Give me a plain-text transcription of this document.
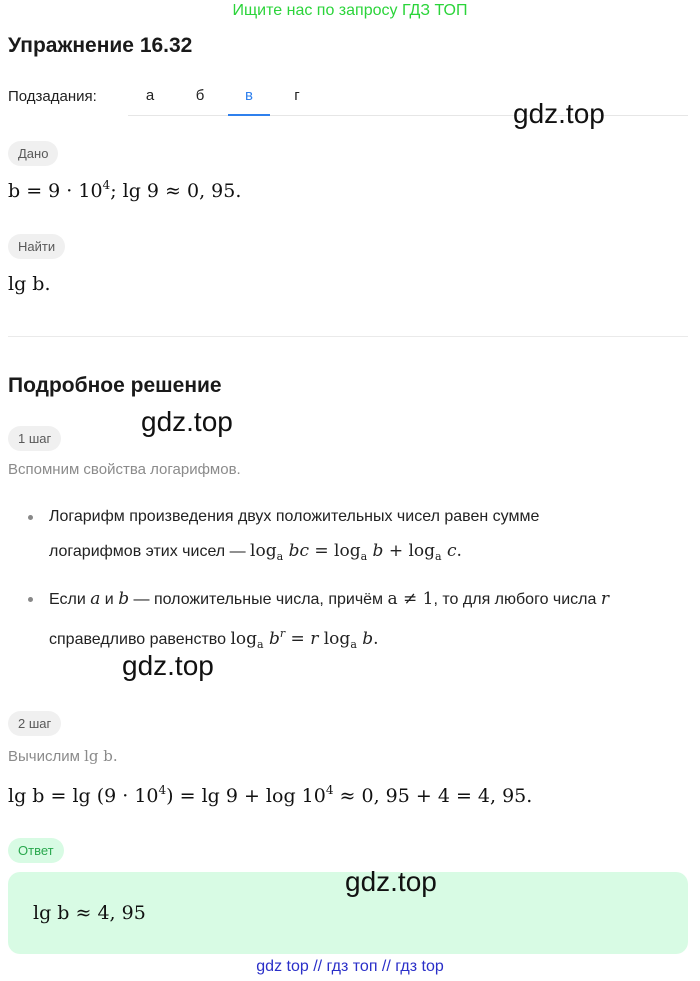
Ищите нас по запросу ГДЗ ТОП
Упражнение 16.32
Подзадания:	а	б	в	г
gdz.top
Дано
$b = 9 \cdot 10^4$; lg 9 ≈ 0, 95.
Найти
lg b.
Подробное решение
gdz.top
1 шаг
Вспомним свойства логарифмов.
Логарифм произведения двух положительных чисел равен сумме
логарифмов этих чисел — $\log_a$ bc = $\log_a b + \log_a c$.
Если a и b — положительные числа, причём a ≠ 1, то для любого числа r
справедливо равенство $\log_a b^r = r$ $\log_a b$.
gdz.top
2 шаг
Вычислим lg b.
$\lg b = \lg (9 \cdot 10^4) = \lg 9 + \log 10^4 \approx 0$, 95 + 4 = 4, 95.
Ответ
lg b ≈ 4, 95
gdz.top
gdz top // гдз топ // гдз top
